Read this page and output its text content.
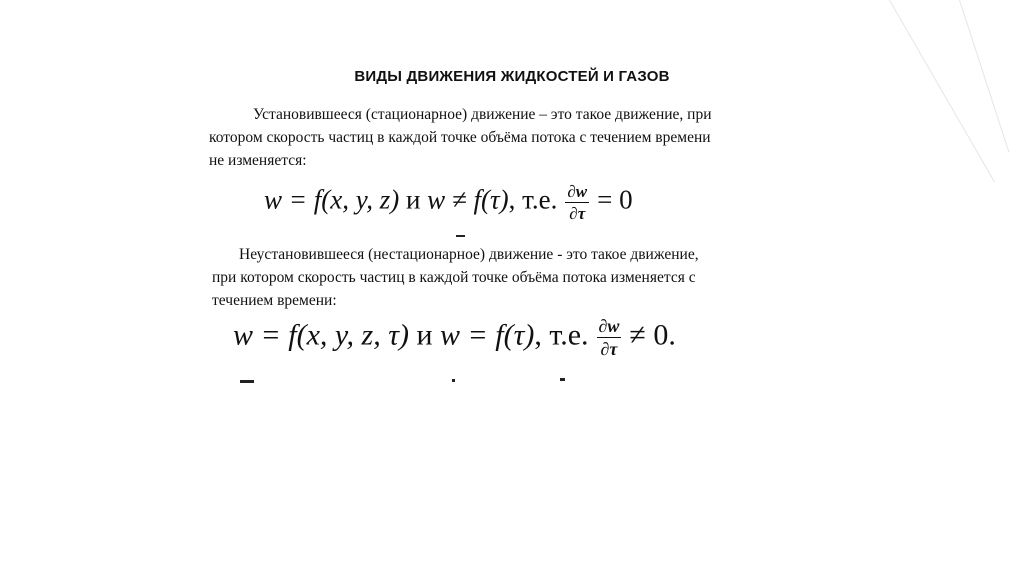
ВИДЫ ДВИЖЕНИЯ ЖИДКОСТЕЙ И ГАЗОВ
Установившееся (стационарное) движение – это такое движение, при
котором скорость частиц в каждой точке объёма потока с течением времени
не изменяется:
w = f(x, y, z) и w ≠ f(τ), т.е. $\frac{\partial w}{\partial\tau} = 0$
Неустановившееся (нестационарное) движение - это такое движение,
при котором скорость частиц в каждой точке объёма потока изменяется с
течением времени:
w = f(x, y, z, τ) и w = f(τ), т.е. $\frac{\partial w}{\partial\tau} \ne 0$.
